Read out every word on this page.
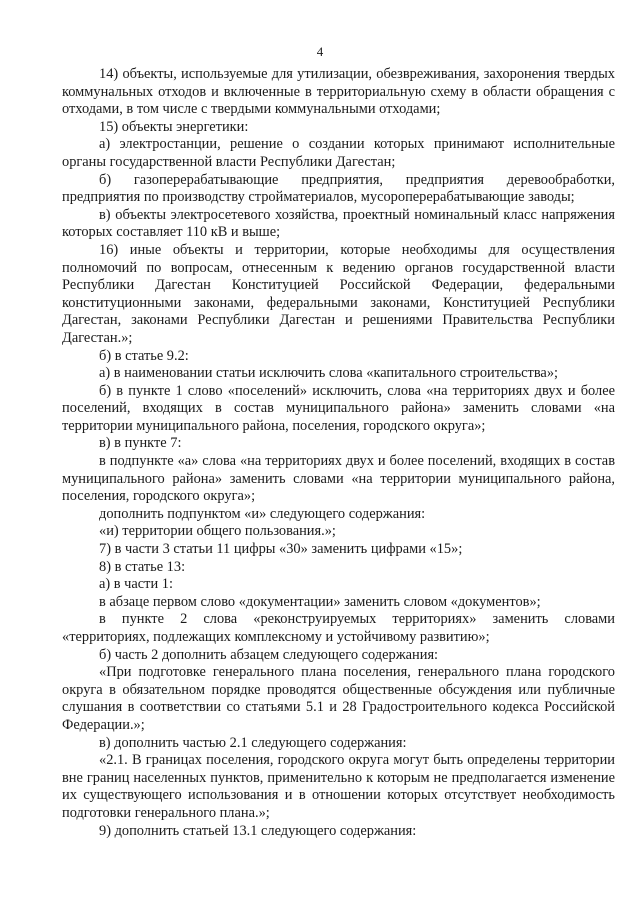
4

14) объекты, используемые для утилизации, обезвреживания, захоронения твердых коммунальных отходов и включенные в территориальную схему в области обращения с отходами, в том числе с твердыми коммунальными отходами;

15) объекты энергетики:

а) электростанции, решение о создании которых принимают исполнительные органы государственной власти Республики Дагестан;

б) газоперерабатывающие предприятия, предприятия деревообработки, предприятия по производству стройматериалов, мусороперерабатывающие заводы;

в) объекты электросетевого хозяйства, проектный номинальный класс напряжения которых составляет 110 кВ и выше;

16) иные объекты и территории, которые необходимы для осуществления полномочий по вопросам, отнесенным к ведению органов государственной власти Республики Дагестан Конституцией Российской Федерации, федеральными конституционными законами, федеральными законами, Конституцией Республики Дагестан, законами Республики Дагестан и решениями Правительства Республики Дагестан.»;

б) в статье 9.2:

а) в наименовании статьи исключить слова «капитального строительства»;

б) в пункте 1 слово «поселений» исключить, слова «на территориях двух и более поселений, входящих в состав муниципального района» заменить словами «на территории муниципального района, поселения, городского округа»;

в) в пункте 7:

в подпункте «а» слова «на территориях двух и более поселений, входящих в состав муниципального района» заменить словами «на территории муниципального района, поселения, городского округа»;

дополнить подпунктом «и» следующего содержания:

«и) территории общего пользования.»;

7) в части 3 статьи 11 цифры «30» заменить цифрами «15»;

8) в статье 13:

а) в части 1:

в абзаце первом слово «документации» заменить словом «документов»;

в пункте 2 слова «реконструируемых территориях» заменить словами «территориях, подлежащих комплексному и устойчивому развитию»;

б) часть 2 дополнить абзацем следующего содержания:

«При подготовке генерального плана поселения, генерального плана городского округа в обязательном порядке проводятся общественные обсуждения или публичные слушания в соответствии со статьями 5.1 и 28 Градостроительного кодекса Российской Федерации.»;

в) дополнить частью 2.1 следующего содержания:

«2.1. В границах поселения, городского округа могут быть определены территории вне границ населенных пунктов, применительно к которым не предполагается изменение их существующего использования и в отношении которых отсутствует необходимость подготовки генерального плана.»;

9) дополнить статьей 13.1 следующего содержания:
